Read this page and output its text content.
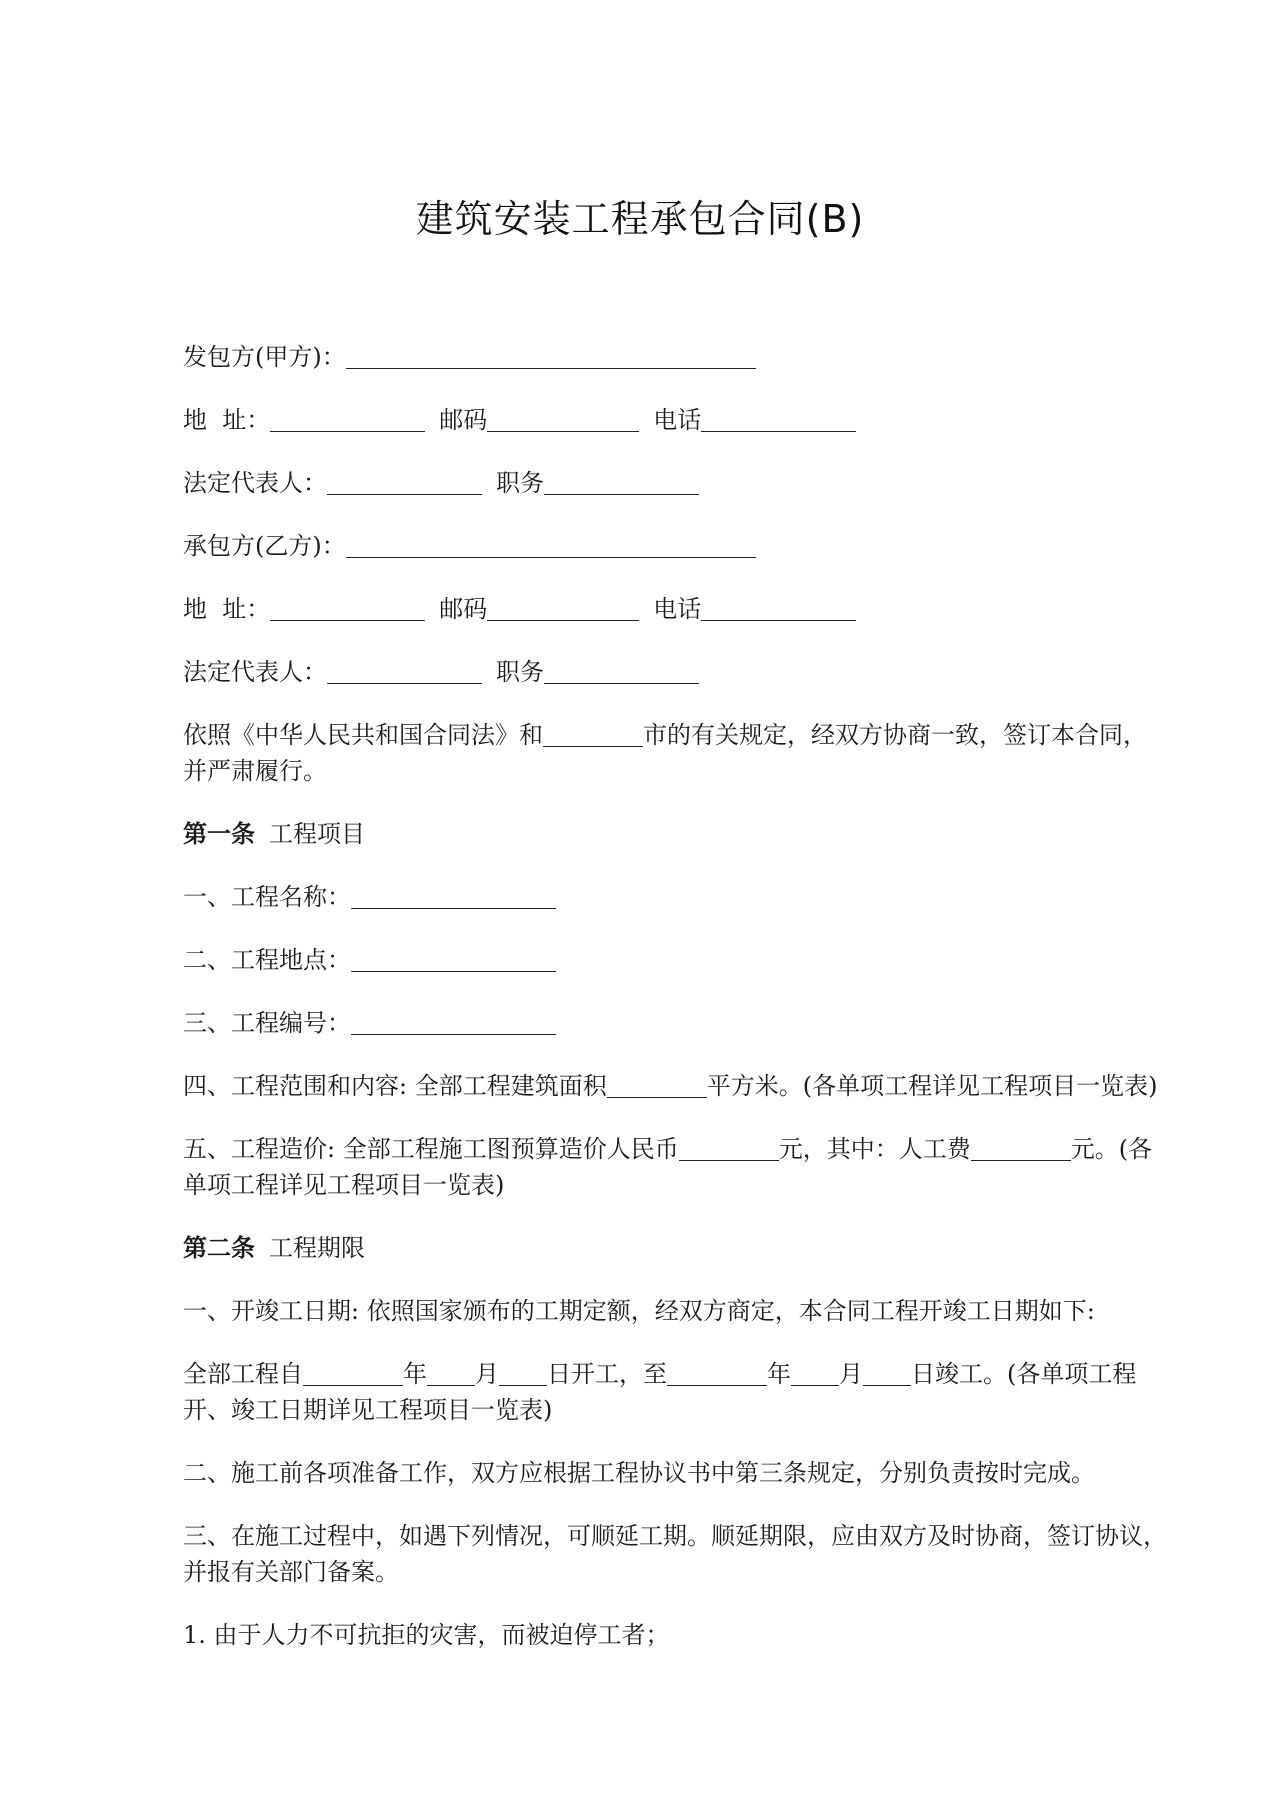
建筑安装工程承包合同(B)
发包方(甲方)：
地  址：	邮码	电话
法定代表人：	职务
承包方(乙方)：
地  址：	邮码	电话
法定代表人：	职务
依照《中华人民共和国合同法》和	市的有关规定，经双方协商一致，签订本合同，并严肃履行。
第一条 工程项目
一、工程名称：
二、工程地点：
三、工程编号：
四、工程范围和内容: 全部工程建筑面积	平方米。(各单项工程详见工程项目一览表)
五、工程造价: 全部工程施工图预算造价人民币	元，其中：人工费	元。(各单项工程详见工程项目一览表)
第二条 工程期限
一、开竣工日期: 依照国家颁布的工期定额，经双方商定，本合同工程开竣工日期如下:
全部工程自	年 月 日开工，至	年 月 日竣工。(各单项工程开、竣工日期详见工程项目一览表)
二、施工前各项准备工作，双方应根据工程协议书中第三条规定，分别负责按时完成。
三、在施工过程中，如遇下列情况，可顺延工期。顺延期限，应由双方及时协商，签订协议，并报有关部门备案。
1. 由于人力不可抗拒的灾害，而被迫停工者；
